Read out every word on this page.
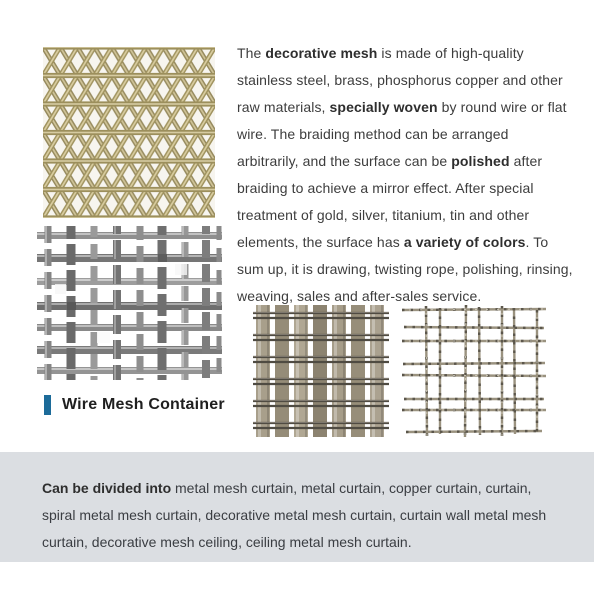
The decorative mesh is made of high-quality stainless steel, brass, phosphorus copper and other raw materials, specially woven by round wire or flat wire. The braiding method can be arranged arbitrarily, and the surface can be polished after braiding to achieve a mirror effect. After special treatment of gold, silver, titanium, tin and other elements, the surface has a variety of colors. To sum up, it is drawing, twisting rope, polishing, rinsing, weaving, sales and after-sales service.

Wire Mesh Container

Can be divided into metal mesh curtain, metal curtain, copper curtain, curtain, spiral metal mesh curtain, decorative metal mesh curtain, curtain wall metal mesh curtain, decorative mesh ceiling, ceiling metal mesh curtain.
